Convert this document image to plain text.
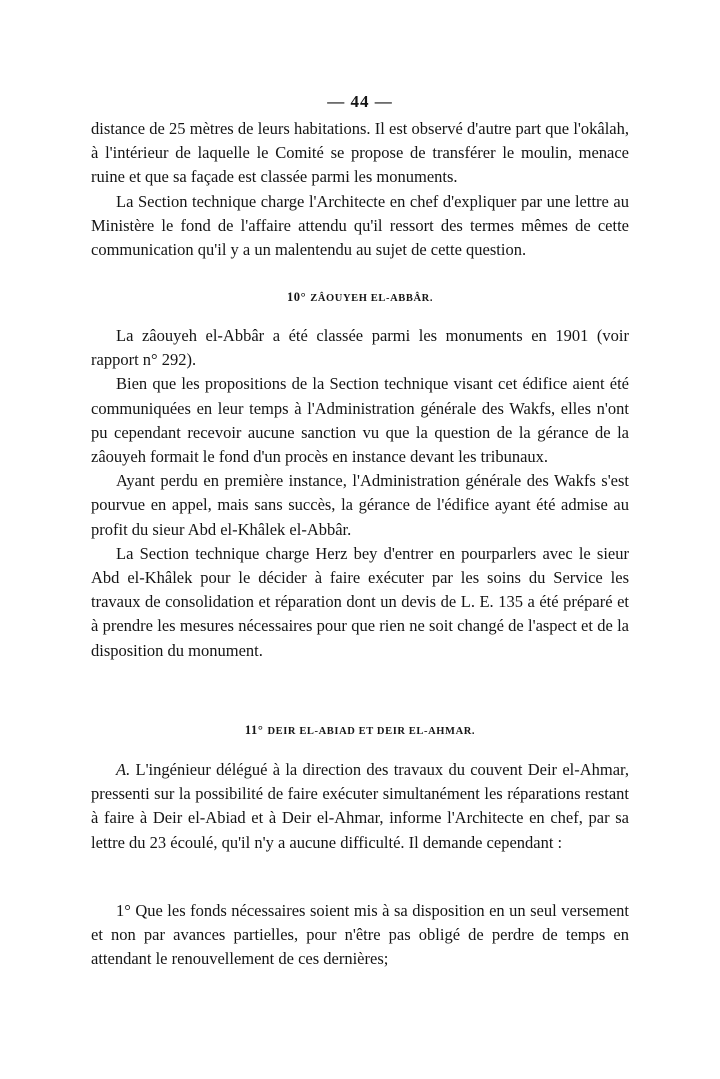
— 44 —

distance de 25 mètres de leurs habitations. Il est observé d'autre part que l'okâlah, à l'intérieur de laquelle le Comité se propose de transférer le moulin, menace ruine et que sa façade est classée parmi les monuments.

La Section technique charge l'Architecte en chef d'expliquer par une lettre au Ministère le fond de l'affaire attendu qu'il ressort des termes mêmes de cette communication qu'il y a un malentendu au sujet de cette question.

10° ZÂOUYEH EL-ABBÂR.

La zâouyeh el-Abbâr a été classée parmi les monuments en 1901 (voir rapport n° 292).

Bien que les propositions de la Section technique visant cet édifice aient été communiquées en leur temps à l'Administration générale des Wakfs, elles n'ont pu cependant recevoir aucune sanction vu que la question de la gérance de la zâouyeh formait le fond d'un procès en instance devant les tribunaux.

Ayant perdu en première instance, l'Administration générale des Wakfs s'est pourvue en appel, mais sans succès, la gérance de l'édifice ayant été admise au profit du sieur Abd el-Khâlek el-Abbâr.

La Section technique charge Herz bey d'entrer en pourparlers avec le sieur Abd el-Khâlek pour le décider à faire exécuter par les soins du Service les travaux de consolidation et réparation dont un devis de L. E. 135 a été préparé et à prendre les mesures nécessaires pour que rien ne soit changé de l'aspect et de la disposition du monument.

11° DEIR EL-ABIAD ET DEIR EL-AHMAR.

A. L'ingénieur délégué à la direction des travaux du couvent Deir el-Ahmar, pressenti sur la possibilité de faire exécuter simultanément les réparations restant à faire à Deir el-Abiad et à Deir el-Ahmar, informe l'Architecte en chef, par sa lettre du 23 écoulé, qu'il n'y a aucune difficulté. Il demande cependant :

1° Que les fonds nécessaires soient mis à sa disposition en un seul versement et non par avances partielles, pour n'être pas obligé de perdre de temps en attendant le renouvellement de ces dernières;
